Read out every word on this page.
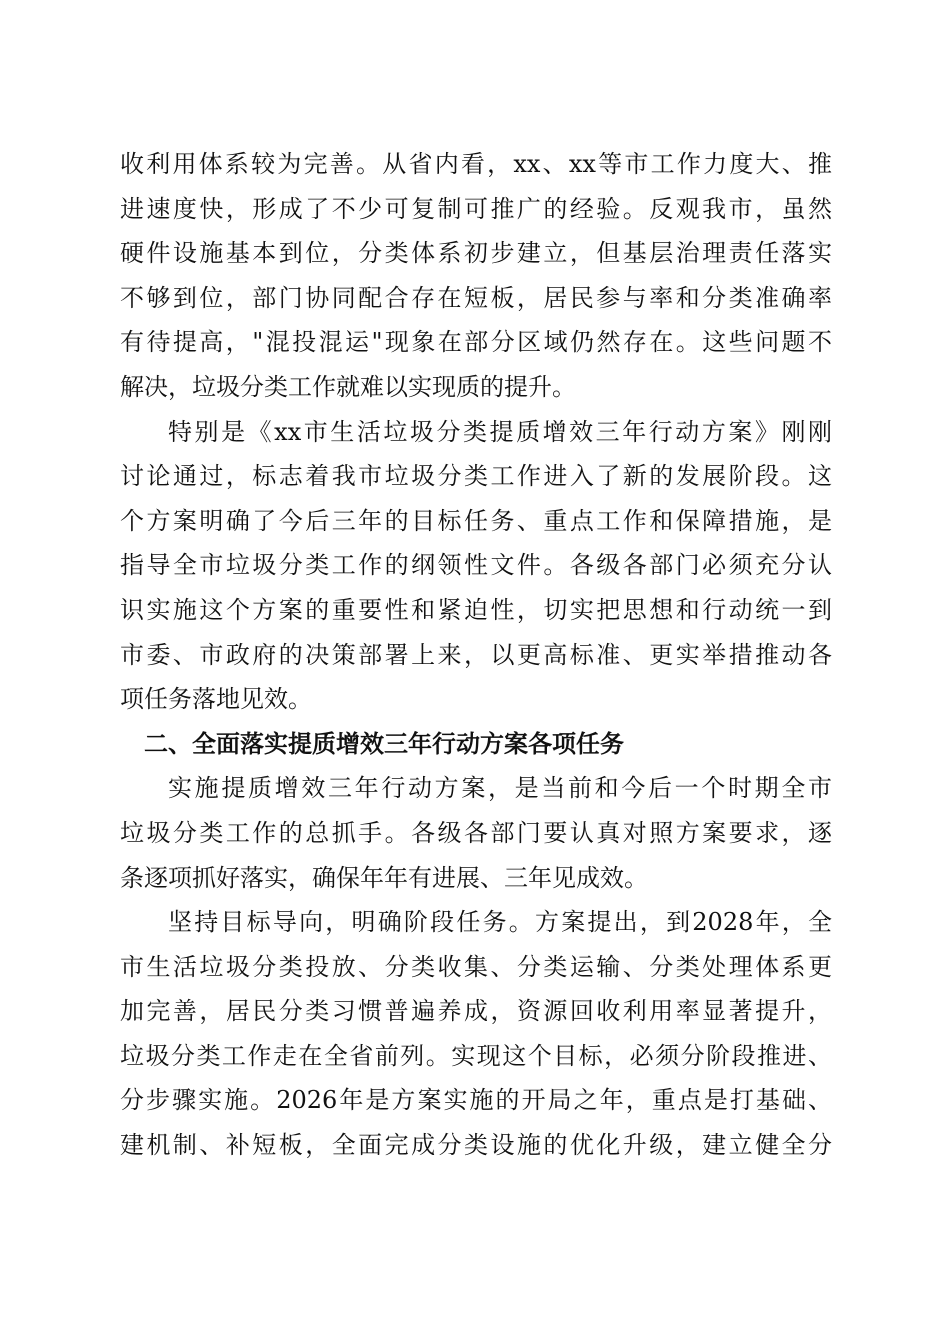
收利用体系较为完善。从省内看，xx、xx等市工作力度大、推
进速度快，形成了不少可复制可推广的经验。反观我市，虽然
硬件设施基本到位，分类体系初步建立，但基层治理责任落实
不够到位，部门协同配合存在短板，居民参与率和分类准确率
有待提高，"混投混运"现象在部分区域仍然存在。这些问题不
解决，垃圾分类工作就难以实现质的提升。
特别是《xx市生活垃圾分类提质增效三年行动方案》刚刚
讨论通过，标志着我市垃圾分类工作进入了新的发展阶段。这
个方案明确了今后三年的目标任务、重点工作和保障措施，是
指导全市垃圾分类工作的纲领性文件。各级各部门必须充分认
识实施这个方案的重要性和紧迫性，切实把思想和行动统一到
市委、市政府的决策部署上来，以更高标准、更实举措推动各
项任务落地见效。
二、全面落实提质增效三年行动方案各项任务
实施提质增效三年行动方案，是当前和今后一个时期全市
垃圾分类工作的总抓手。各级各部门要认真对照方案要求，逐
条逐项抓好落实，确保年年有进展、三年见成效。
坚持目标导向，明确阶段任务。方案提出，到2028年，全
市生活垃圾分类投放、分类收集、分类运输、分类处理体系更
加完善，居民分类习惯普遍养成，资源回收利用率显著提升，
垃圾分类工作走在全省前列。实现这个目标，必须分阶段推进、
分步骤实施。2026年是方案实施的开局之年，重点是打基础、
建机制、补短板，全面完成分类设施的优化升级，建立健全分
